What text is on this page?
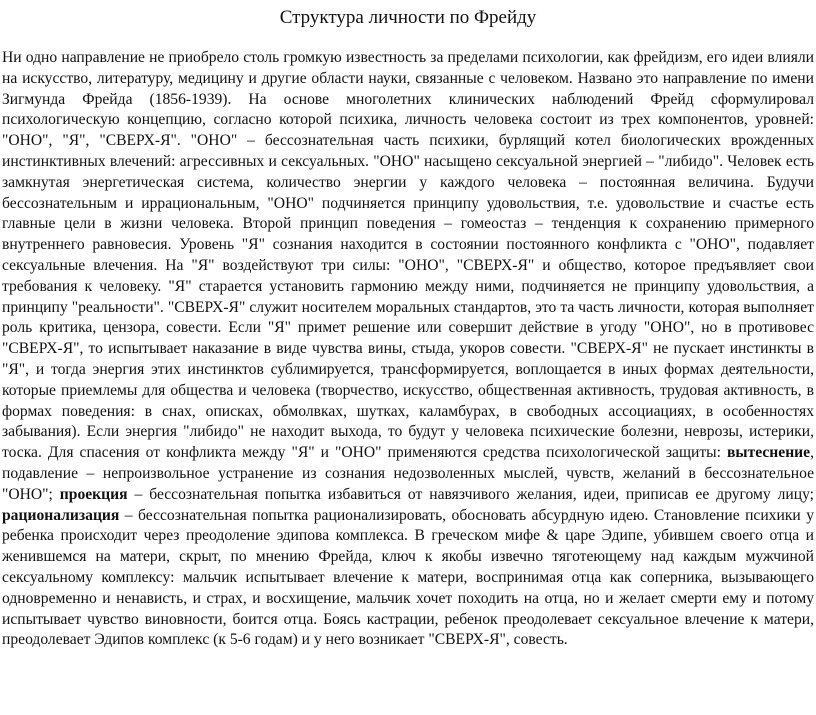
Структура личности по Фрейду

Ни одно направление не приобрело столь громкую известность за пределами психологии, как фрейдизм, его идеи влияли на искусство, литературу, медицину и другие области науки, связанные с человеком. Названо это направление по имени Зигмунда Фрейда (1856-1939). На основе многолетних клинических наблюдений Фрейд сформулировал психологическую концепцию, согласно которой психика, личность человека состоит из трех компонентов, уровней: "ОНО", "Я", "СВЕРХ-Я". "ОНО" – бессознательная часть психики, бурлящий котел биологических врожденных инстинктивных влечений: агрессивных и сексуальных. "ОНО" насыщено сексуальной энергией – "либидо". Человек есть замкнутая энергетическая система, количество энергии у каждого человека – постоянная величина. Будучи бессознательным и иррациональным, "ОНО" подчиняется принципу удовольствия, т.е. удовольствие и счастье есть главные цели в жизни человека. Второй принцип поведения – гомеостаз – тенденция к сохранению примерного внутреннего равновесия. Уровень "Я" сознания находится в состоянии постоянного конфликта с "ОНО", подавляет сексуальные влечения. На "Я" воздействуют три силы: "ОНО", "СВЕРХ-Я" и общество, которое предъявляет свои требования к человеку. "Я" старается установить гармонию между ними, подчиняется не принципу удовольствия, а принципу "реальности". "СВЕРХ-Я" служит носителем моральных стандартов, это та часть личности, которая выполняет роль критика, цензора, совести. Если "Я" примет решение или совершит действие в угоду "ОНО", но в противовес "СВЕРХ-Я", то испытывает наказание в виде чувства вины, стыда, укоров совести. "СВЕРХ-Я" не пускает инстинкты в "Я", и тогда энергия этих инстинктов сублимируется, трансформируется, воплощается в иных формах деятельности, которые приемлемы для общества и человека (творчество, искусство, общественная активность, трудовая активность, в формах поведения: в снах, описках, обмолвках, шутках, каламбурах, в свободных ассоциациях, в особенностях забывания). Если энергия "либидо" не находит выхода, то будут у человека психические болезни, неврозы, истерики, тоска. Для спасения от конфликта между "Я" и "ОНО" применяются средства психологической защиты: вытеснение, подавление – непроизвольное устранение из сознания недозволенных мыслей, чувств, желаний в бессознательное "ОНО"; проекция – бессознательная попытка избавиться от навязчивого желания, идеи, приписав ее другому лицу; рационализация – бессознательная попытка рационализировать, обосновать абсурдную идею. Становление психики у ребенка происходит через преодоление эдипова комплекса. В греческом мифе & царе Эдипе, убившем своего отца и женившемся на матери, скрыт, по мнению Фрейда, ключ к якобы извечно тяготеющему над каждым мужчиной сексуальному комплексу: мальчик испытывает влечение к матери, воспринимая отца как соперника, вызывающего одновременно и ненависть, и страх, и восхищение, мальчик хочет походить на отца, но и желает смерти ему и потому испытывает чувство виновности, боится отца. Боясь кастрации, ребенок преодолевает сексуальное влечение к матери, преодолевает Эдипов комплекс (к 5-6 годам) и у него возникает "СВЕРХ-Я", совесть.
